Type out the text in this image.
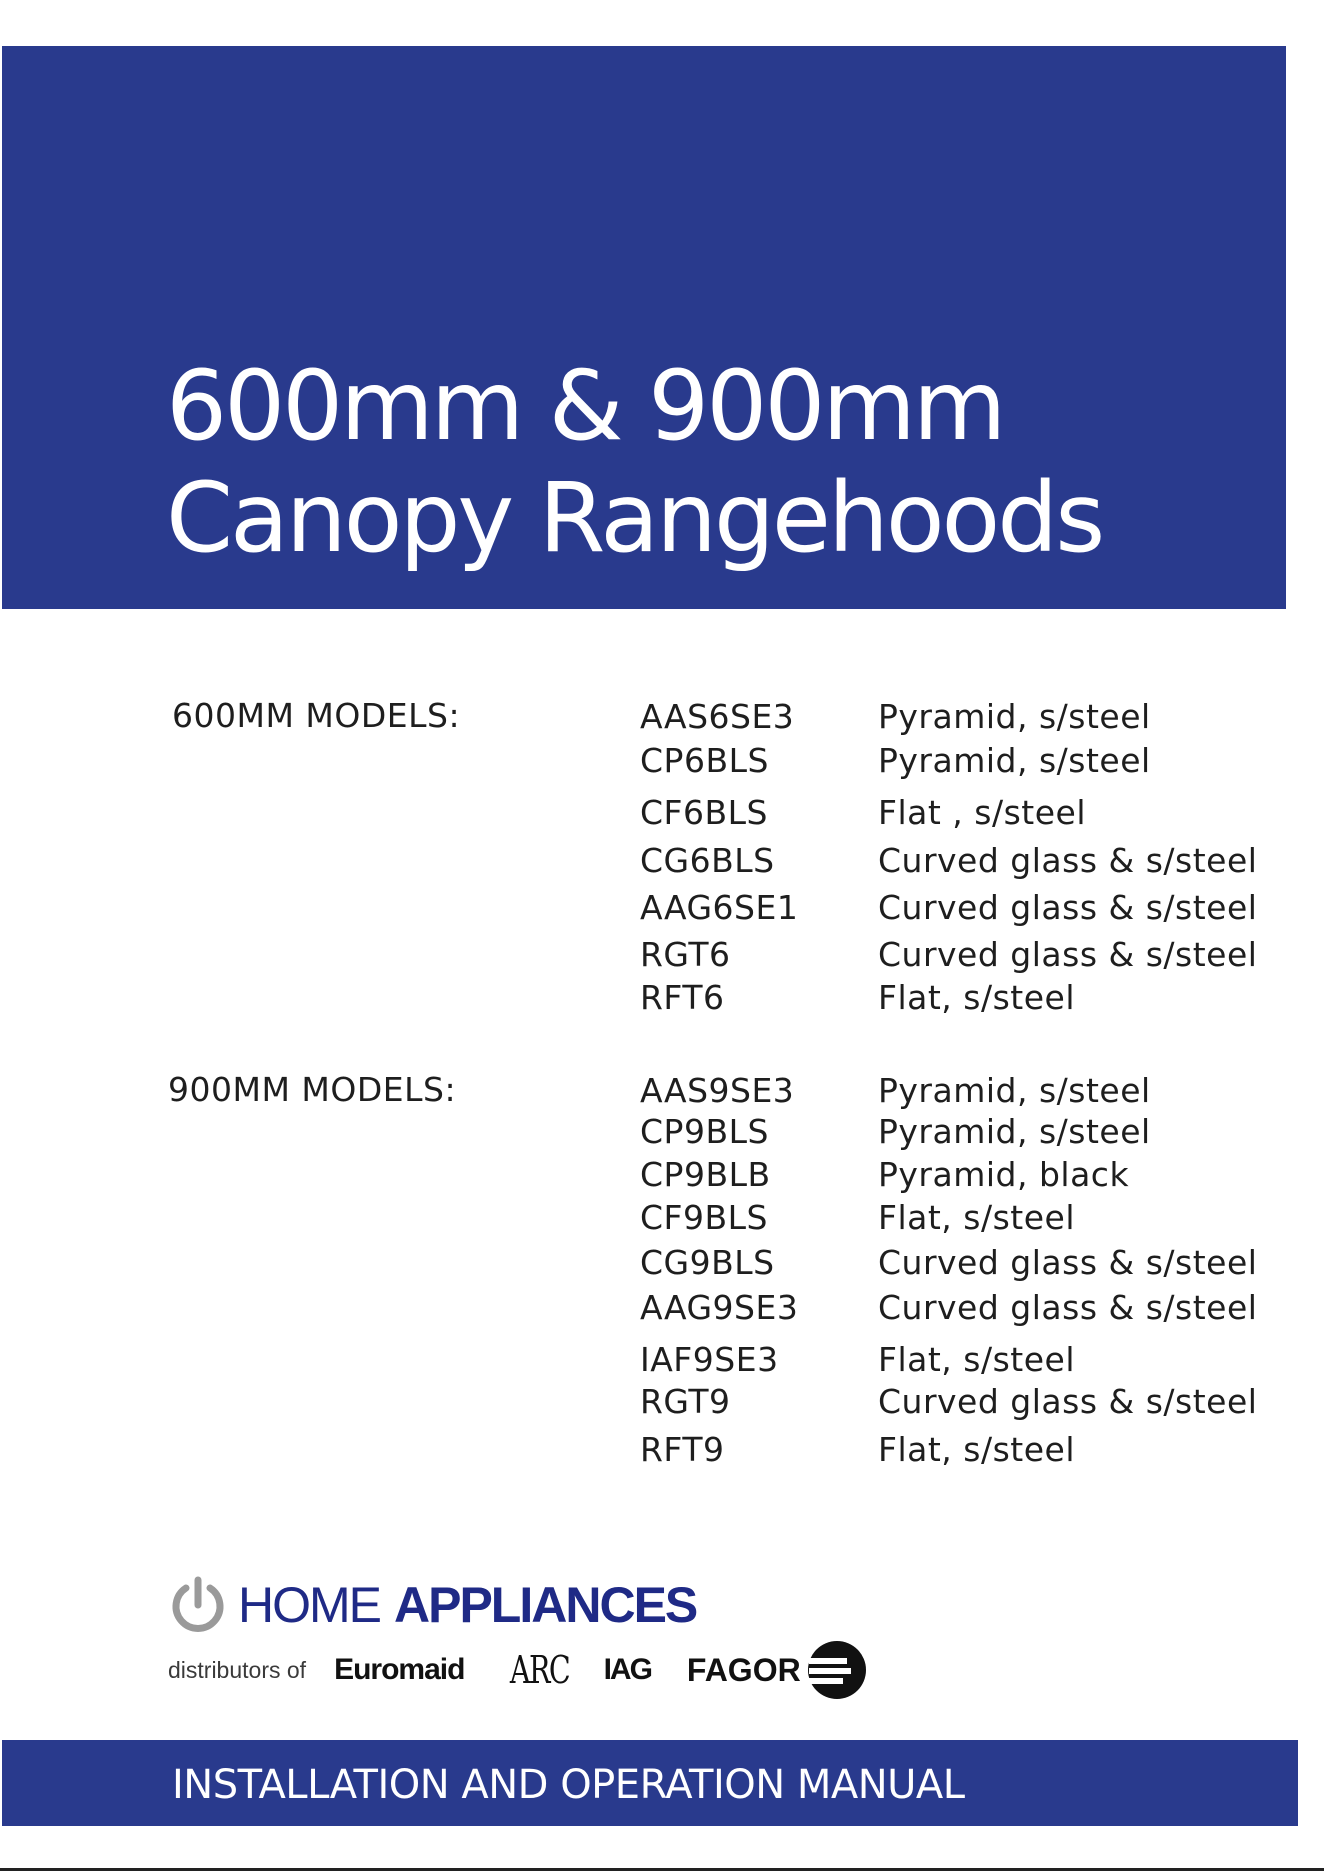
600mm & 900mm
Canopy Rangehoods
600MM MODELS:	AAS6SE3	Pyramid, s/steel
CP6BLS	Pyramid, s/steel
CF6BLS	Flat , s/steel
CG6BLS	Curved glass & s/steel
AAG6SE1 Curved glass & s/steel
RGT6	Curved glass & s/steel
RFT6	Flat, s/steel
900MM MODELS:	AAS9SE3	Pyramid, s/steel
CP9BLS	Pyramid, s/steel
CP9BLB	Pyramid, black
CF9BLS	Flat, s/steel
CG9BLS	Curved glass & s/steel
AAG9SE3 Curved glass & s/steel
IAF9SE3	Flat, s/steel
RGT9	Curved glass & s/steel
RFT9	Flat, s/steel
HOME APPLIANCES
distributors of Euromaid ARC IAG FAGOR
INSTALLATION AND OPERATION MANUAL
